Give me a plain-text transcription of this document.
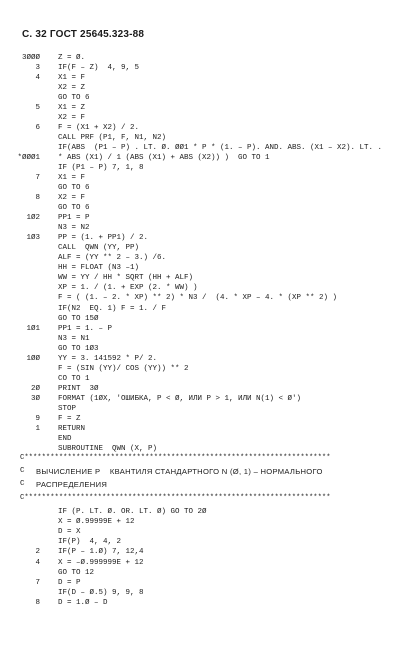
С. 32 ГОСТ 25645.323-88
3ØØØ Z = Ø.
3 IF(F – Z)  4, 9, 5
4 X1 = F
X2 = Z
GO TO 6
5 X1 = Z
X2 = F
6 F = (X1 + X2) / 2.
CALL PRF (P1, F, N1, N2)
IF(ABS  (P1 – P) . LT. Ø. ØØ1 * P * (1. – P). AND. ABS. (X1 – X2). LT. .
*ØØØ1 * ABS (X1) / 1 (ABS (X1) + ABS (X2)) )  GO TO 1
IF (P1 – P) 7, 1, 8
7 X1 = F
GO TO 6
8 X2 = F
GO TO 6
1Ø2 PP1 = P
N3 = N2
1Ø3 PP = (1. + PP1) / 2.
CALL  QWN (YY, PP)
ALF = (YY ** 2 – 3.) /6.
HH = FLOAT (N3 –1)
WW = YY / HH * SQRT (HH + ALF)
XP = 1. / (1. + EXP (2. * WW) )
F = ( (1. – 2. * XP) ** 2) * N3 /  (4. * XP – 4. * (XP ** 2) )
IF(N2  EQ. 1) F = 1. / F
GO TO 15Ø
1Ø1 PP1 = 1. – P
N3 = N1
GO TO 1Ø3
1ØØ YY = 3. 141592 * P/ 2.
F = (SIN (YY)/ COS (YY)) ** 2
CO TO 1
2Ø PRINT  3Ø
3Ø FORMAT (1ØX, 'ОШИБКА, P < Ø, ИЛИ P > 1, ИЛИ N(1) < Ø')
STOP
9 F = Z
1 RETURN
END
SUBROUTINE  QWN (X, P)
C***********************************************************************
C ВЫЧИСЛЕНИЕ P    КВАНТИЛЯ СТАНДАРТНОГО N (Ø, 1) – НОРМАЛЬНОГО
C РАСПРЕДЕЛЕНИЯ
C***********************************************************************
IF (P. LT. Ø. OR. LT. Ø) GO TO 2Ø
X = Ø.99999E + 12
D = X
IF(P)  4, 4, 2
2 IF(P – 1.Ø) 7, 12,4
4 X = –Ø.999999E + 12
GO TO 12
7 D = P
IF(D – Ø.5) 9, 9, 8
8 D = 1.Ø – D
